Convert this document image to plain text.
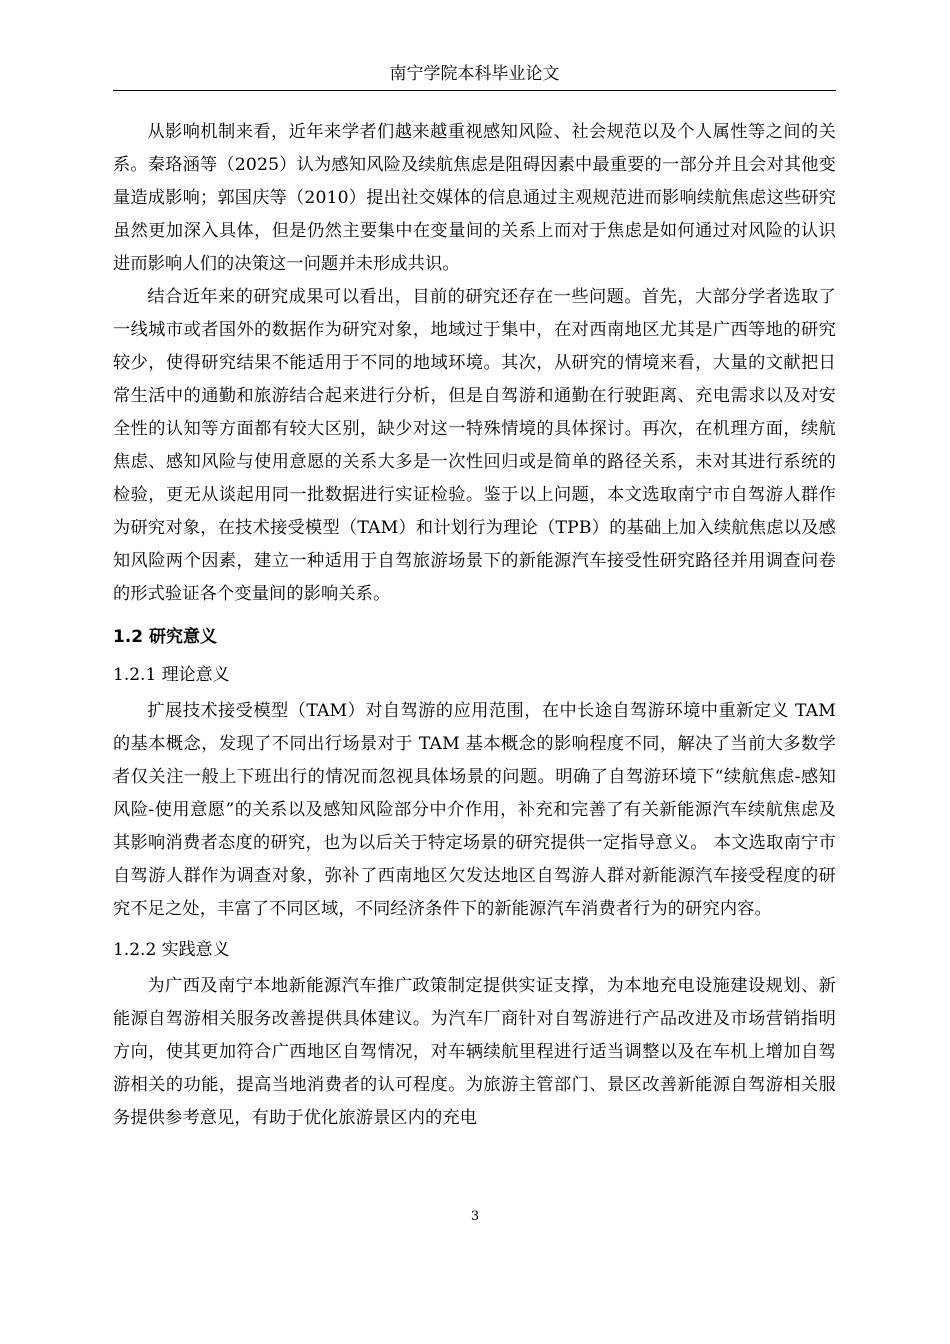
南宁学院本科毕业论文

从影响机制来看，近年来学者们越来越重视感知风险、社会规范以及个人属性等之间的关系。秦珞涵等（2025）认为感知风险及续航焦虑是阻碍因素中最重要的一部分并且会对其他变量造成影响；郭国庆等（2010）提出社交媒体的信息通过主观规范进而影响续航焦虑这些研究虽然更加深入具体，但是仍然主要集中在变量间的关系上而对于焦虑是如何通过对风险的认识进而影响人们的决策这一问题并未形成共识。

结合近年来的研究成果可以看出，目前的研究还存在一些问题。首先，大部分学者选取了一线城市或者国外的数据作为研究对象，地域过于集中，在对西南地区尤其是广西等地的研究较少，使得研究结果不能适用于不同的地域环境。其次，从研究的情境来看，大量的文献把日常生活中的通勤和旅游结合起来进行分析，但是自驾游和通勤在行驶距离、充电需求以及对安全性的认知等方面都有较大区别，缺少对这一特殊情境的具体探讨。再次，在机理方面，续航焦虑、感知风险与使用意愿的关系大多是一次性回归或是简单的路径关系，未对其进行系统的检验，更无从谈起用同一批数据进行实证检验。鉴于以上问题，本文选取南宁市自驾游人群作为研究对象，在技术接受模型（TAM）和计划行为理论（TPB）的基础上加入续航焦虑以及感知风险两个因素，建立一种适用于自驾旅游场景下的新能源汽车接受性研究路径并用调查问卷的形式验证各个变量间的影响关系。

1.2 研究意义
1.2.1 理论意义

扩展技术接受模型（TAM）对自驾游的应用范围，在中长途自驾游环境中重新定义 TAM 的基本概念，发现了不同出行场景对于 TAM 基本概念的影响程度不同，解决了当前大多数学者仅关注一般上下班出行的情况而忽视具体场景的问题。明确了自驾游环境下“续航焦虑-感知风险-使用意愿”的关系以及感知风险部分中介作用，补充和完善了有关新能源汽车续航焦虑及其影响消费者态度的研究，也为以后关于特定场景的研究提供一定指导意义。 本文选取南宁市自驾游人群作为调查对象，弥补了西南地区欠发达地区自驾游人群对新能源汽车接受程度的研究不足之处，丰富了不同区域，不同经济条件下的新能源汽车消费者行为的研究内容。

1.2.2 实践意义

为广西及南宁本地新能源汽车推广政策制定提供实证支撑，为本地充电设施建设规划、新能源自驾游相关服务改善提供具体建议。为汽车厂商针对自驾游进行产品改进及市场营销指明方向，使其更加符合广西地区自驾情况，对车辆续航里程进行适当调整以及在车机上增加自驾游相关的功能，提高当地消费者的认可程度。为旅游主管部门、景区改善新能源自驾游相关服务提供参考意见，有助于优化旅游景区内的充电

3
